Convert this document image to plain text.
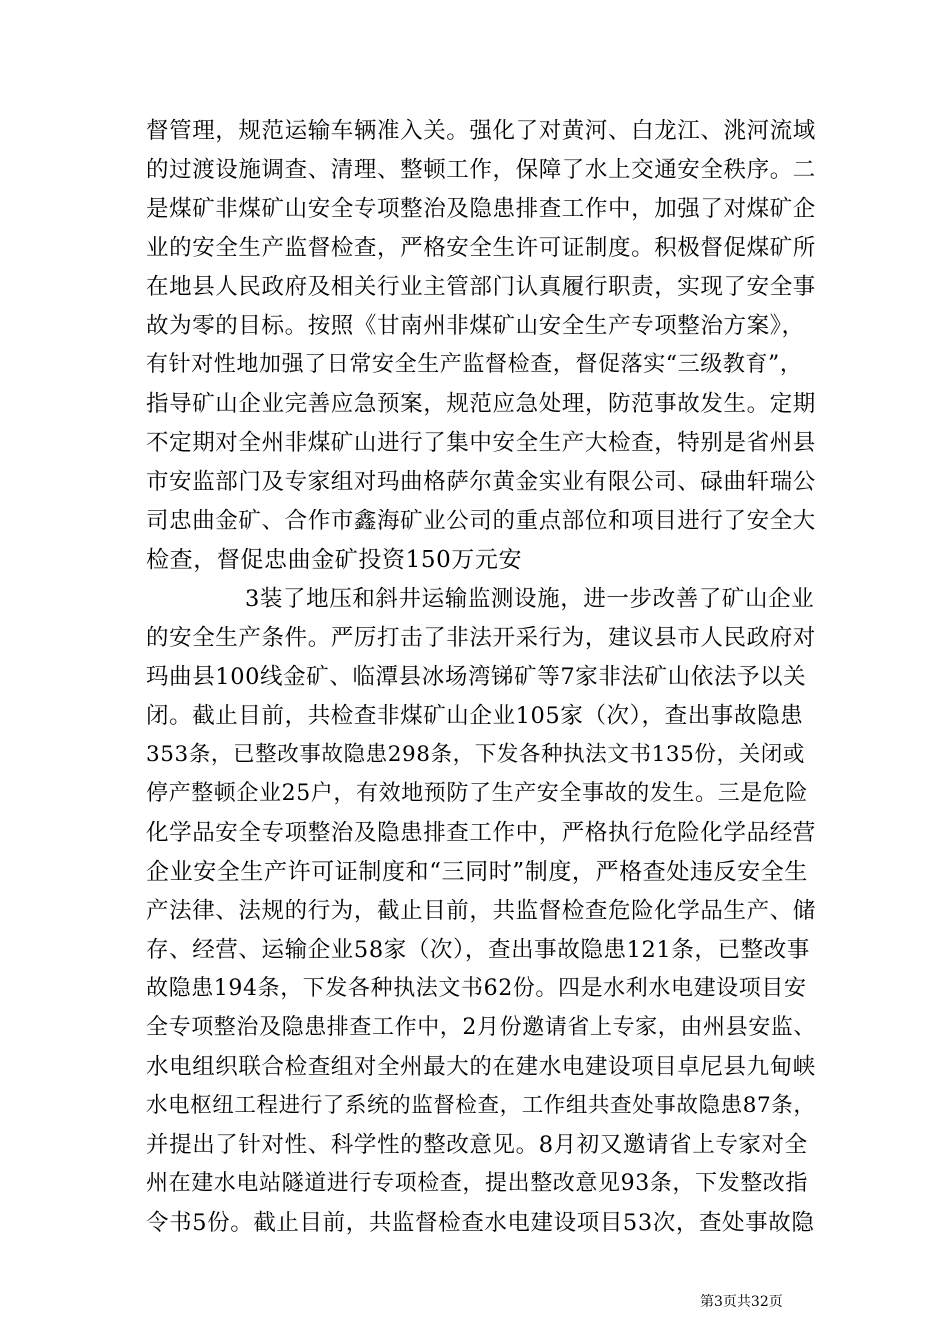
督管理，规范运输车辆准入关。强化了对黄河、白龙江、洮河流域
的过渡设施调查、清理、整顿工作，保障了水上交通安全秩序。二
是煤矿非煤矿山安全专项整治及隐患排查工作中，加强了对煤矿企
业的安全生产监督检查，严格安全生许可证制度。积极督促煤矿所
在地县人民政府及相关行业主管部门认真履行职责，实现了安全事
故为零的目标。按照《甘南州非煤矿山安全生产专项整治方案》，
有针对性地加强了日常安全生产监督检查，督促落实“三级教育”，
指导矿山企业完善应急预案，规范应急处理，防范事故发生。定期
不定期对全州非煤矿山进行了集中安全生产大检查，特别是省州县
市安监部门及专家组对玛曲格萨尔黄金实业有限公司、碌曲轩瑞公
司忠曲金矿、合作市鑫海矿业公司的重点部位和项目进行了安全大
检查，督促忠曲金矿投资150万元安
3装了地压和斜井运输监测设施，进一步改善了矿山企业
的安全生产条件。严厉打击了非法开采行为，建议县市人民政府对
玛曲县100线金矿、临潭县冰场湾锑矿等7家非法矿山依法予以关
闭。截止目前，共检查非煤矿山企业105家（次），查出事故隐患
353条，已整改事故隐患298条，下发各种执法文书135份，关闭或
停产整顿企业25户，有效地预防了生产安全事故的发生。三是危险
化学品安全专项整治及隐患排查工作中，严格执行危险化学品经营
企业安全生产许可证制度和“三同时”制度，严格查处违反安全生
产法律、法规的行为，截止目前，共监督检查危险化学品生产、储
存、经营、运输企业58家（次），查出事故隐患121条，已整改事
故隐患194条，下发各种执法文书62份。四是水利水电建设项目安
全专项整治及隐患排查工作中，2月份邀请省上专家，由州县安监、
水电组织联合检查组对全州最大的在建水电建设项目卓尼县九甸峡
水电枢纽工程进行了系统的监督检查，工作组共查处事故隐患87条，
并提出了针对性、科学性的整改意见。8月初又邀请省上专家对全
州在建水电站隧道进行专项检查，提出整改意见93条，下发整改指
令书5份。截止目前，共监督检查水电建设项目53次，查处事故隐
第3页共32页
